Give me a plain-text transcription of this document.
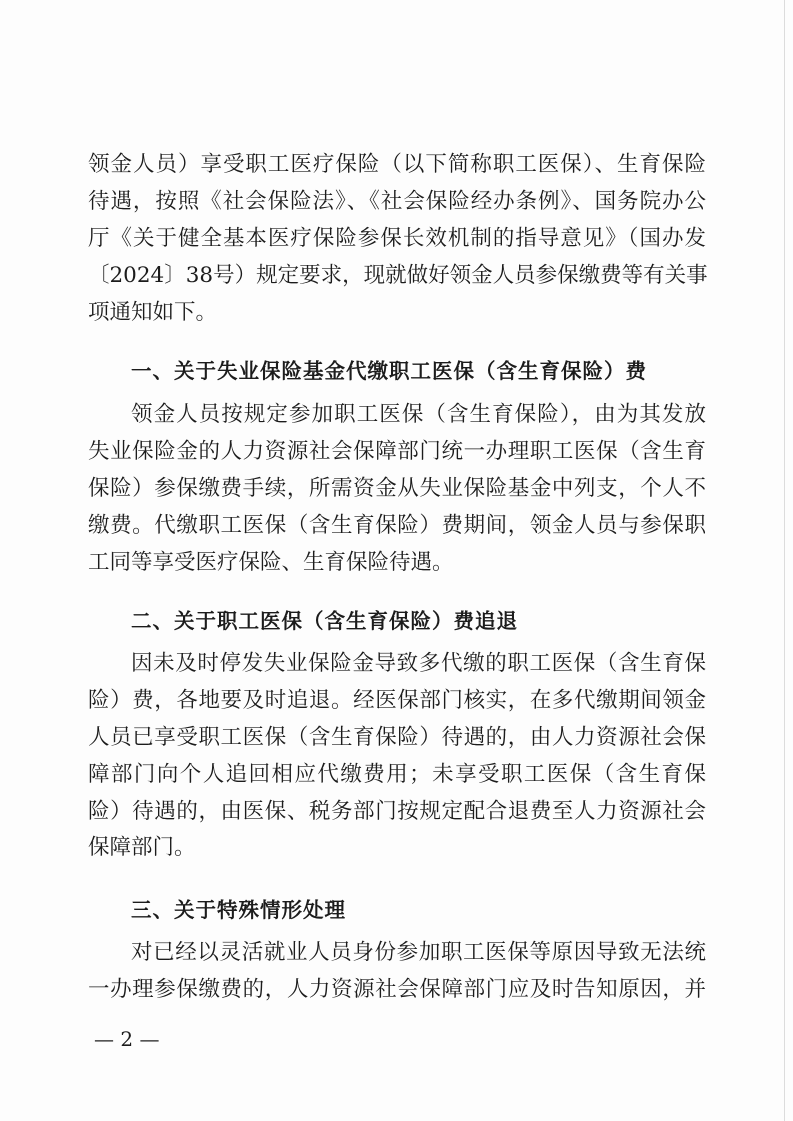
领金人员）享受职工医疗保险（以下简称职工医保）、生育保险
待遇，按照《社会保险法》、《社会保险经办条例》、国务院办公
厅《关于健全基本医疗保险参保长效机制的指导意见》（国办发
〔2024〕38号）规定要求，现就做好领金人员参保缴费等有关事
项通知如下。
一、关于失业保险基金代缴职工医保（含生育保险）费
领金人员按规定参加职工医保（含生育保险），由为其发放
失业保险金的人力资源社会保障部门统一办理职工医保（含生育
保险）参保缴费手续，所需资金从失业保险基金中列支，个人不
缴费。代缴职工医保（含生育保险）费期间，领金人员与参保职
工同等享受医疗保险、生育保险待遇。
二、关于职工医保（含生育保险）费追退
因未及时停发失业保险金导致多代缴的职工医保（含生育保
险）费，各地要及时追退。经医保部门核实，在多代缴期间领金
人员已享受职工医保（含生育保险）待遇的，由人力资源社会保
障部门向个人追回相应代缴费用；未享受职工医保（含生育保
险）待遇的，由医保、税务部门按规定配合退费至人力资源社会
保障部门。
三、关于特殊情形处理
对已经以灵活就业人员身份参加职工医保等原因导致无法统
一办理参保缴费的，人力资源社会保障部门应及时告知原因，并
— 2 —
